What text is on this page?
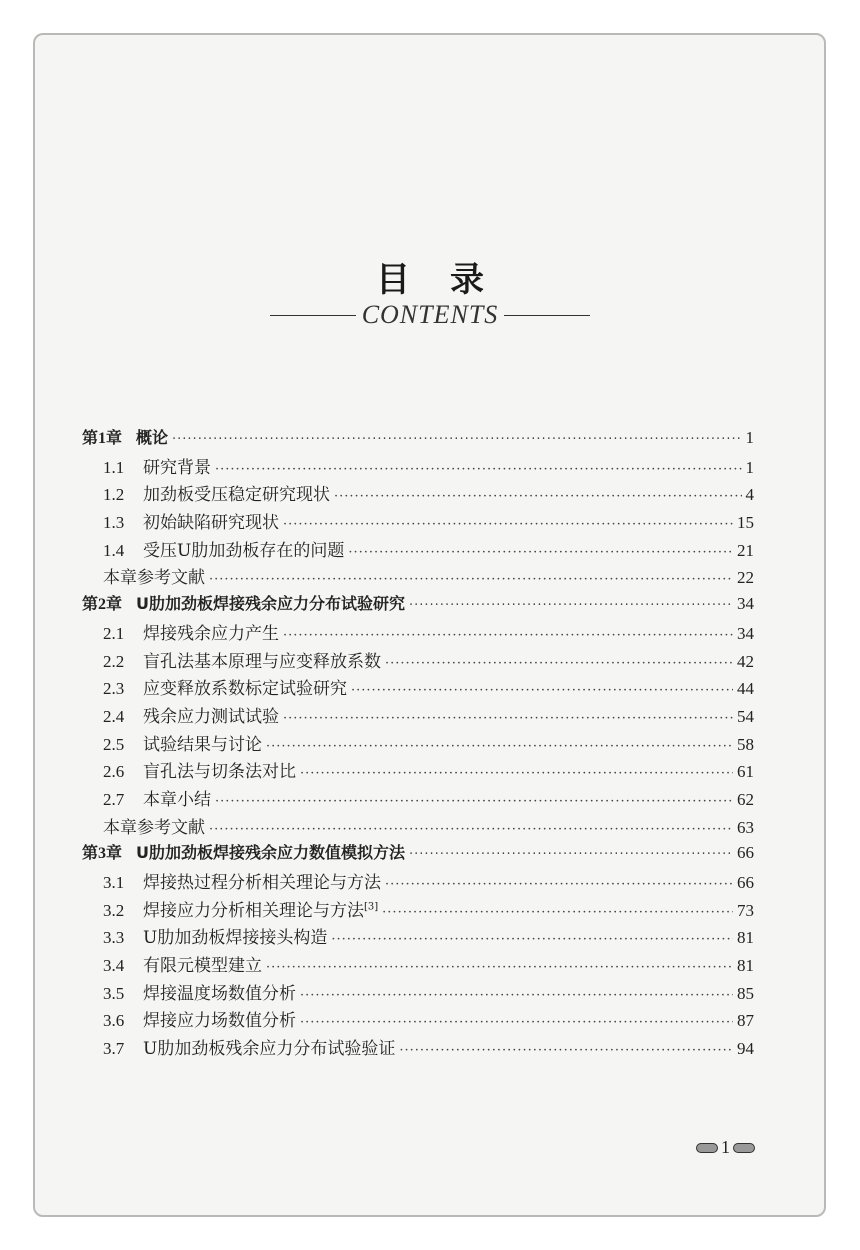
目录
CONTENTS
第1章 概论 ·····	1
1.1 研究背景 ·····	1
1.2 加劲板受压稳定研究现状 ·····	4
1.3 初始缺陷研究现状 ·····	15
1.4 受压U肋加劲板存在的问题 ·····	21
本章参考文献 ·····	22
第2章 U肋加劲板焊接残余应力分布试验研究 ·····	34
2.1 焊接残余应力产生 ·····	34
2.2 盲孔法基本原理与应变释放系数 ·····	42
2.3 应变释放系数标定试验研究 ·····	44
2.4 残余应力测试试验 ·····	54
2.5 试验结果与讨论 ·····	58
2.6 盲孔法与切条法对比 ·····	61
2.7 本章小结 ·····	62
本章参考文献 ·····	63
第3章 U肋加劲板焊接残余应力数值模拟方法 ·····	66
3.1 焊接热过程分析相关理论与方法 ·····	66
3.2 焊接应力分析相关理论与方法[3] ·····	73
3.3 U肋加劲板焊接接头构造 ·····	81
3.4 有限元模型建立 ·····	81
3.5 焊接温度场数值分析 ·····	85
3.6 焊接应力场数值分析 ·····	87
3.7 U肋加劲板残余应力分布试验验证 ·····	94
1
